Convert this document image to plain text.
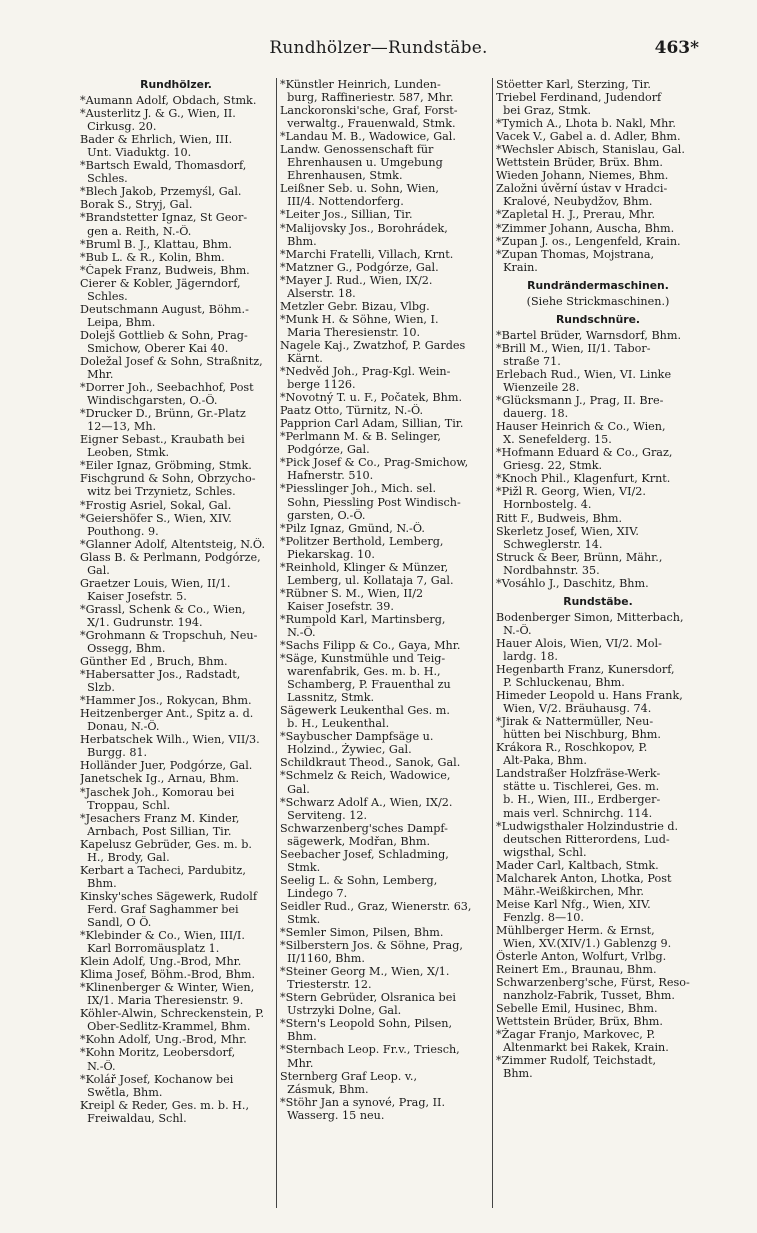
Rundhölzer—Rundstäbe.	463*
Rundhölzer.
*Aumann Adolf, Obdach, Stmk.
*Austerlitz J. & G., Wien, II.
Cirkusg. 20.
Bader & Ehrlich, Wien, III.
Unt. Viaduktg. 10.
*Bartsch Ewald, Thomasdorf,
Schles.
*Blech Jakob, Przemyśl, Gal.
Borak S., Stryj, Gal.
*Brandstetter Ignaz, St Geor-
gen a. Reith, N.-Ö.
*Bruml B. J., Klattau, Bhm.
*Bub L. & R., Kolin, Bhm.
*Čapek Franz, Budweis, Bhm.
Cierer & Kobler, Jägerndorf,
Schles.
Deutschmann August, Böhm.-
Leipa, Bhm.
Dolejš Gottlieb & Sohn, Prag-
Smichow, Oberer Kai 40.
Doležal Josef & Sohn, Straßnitz,
Mhr.
*Dorrer Joh., Seebachhof, Post
Windischgarsten, O.-Ö.
*Drucker D., Brünn, Gr.-Platz
12—13, Mh.
Eigner Sebast., Kraubath bei
Leoben, Stmk.
*Eiler Ignaz, Gröbming, Stmk.
Fischgrund & Sohn, Obrzycho-
witz bei Trzynietz, Schles.
*Frostig Asriel, Sokal, Gal.
*Geiershöfer S., Wien, XIV.
Pouthong. 9.
*Glanner Adolf, Altentsteig, N.Ö.
Glass B. & Perlmann, Podgórze,
Gal.
Graetzer Louis, Wien, II/1.
Kaiser Josefstr. 5.
*Grassl, Schenk & Co., Wien,
X/1. Gudrunstr. 194.
*Grohmann & Tropschuh, Neu-
Ossegg, Bhm.
Günther Ed , Bruch, Bhm.
*Habersatter Jos., Radstadt,
Slzb.
*Hammer Jos., Rokycan, Bhm.
Heitzenberger Ant., Spitz a. d.
Donau, N.-Ö.
Herbatschek Wilh., Wien, VII/3.
Burgg. 81.
Holländer Juer, Podgórze, Gal.
Janetschek Ig., Arnau, Bhm.
*Jaschek Joh., Komorau bei
Troppau, Schl.
*Jesachers Franz M. Kinder,
Arnbach, Post Sillian, Tir.
Kapelusz Gebrüder, Ges. m. b.
H., Brody, Gal.
Kerbart a Tacheci, Pardubitz,
Bhm.
Kinsky'sches Sägewerk, Rudolf
Ferd. Graf Saghammer bei
Sandl, O Ö.
*Klebinder & Co., Wien, III/I.
Karl Borromäusplatz 1.
Klein Adolf, Ung.-Brod, Mhr.
Klima Josef, Böhm.-Brod, Bhm.
*Klinenberger & Winter, Wien,
IX/1. Maria Theresienstr. 9.
Köhler-Alwin, Schreckenstein, P.
Ober-Sedlitz-Krammel, Bhm.
*Kohn Adolf, Ung.-Brod, Mhr.
*Kohn Moritz, Leobersdorf,
N.-Ö.
*Kolář Josef, Kochanow bei
Swětla, Bhm.
Kreipl & Reder, Ges. m. b. H.,
Freiwaldau, Schl.
*Künstler Heinrich, Lunden-
burg, Raffineriestr. 587, Mhr.
Lanckoronski'sche, Graf, Forst-
verwaltg., Frauenwald, Stmk.
*Landau M. B., Wadowice, Gal.
Landw. Genossenschaft für
Ehrenhausen u. Umgebung
Ehrenhausen, Stmk.
Leißner Seb. u. Sohn, Wien,
III/4. Nottendorferg.
*Leiter Jos., Sillian, Tir.
*Malijovsky Jos., Borohrádek,
Bhm.
*Marchi Fratelli, Villach, Krnt.
*Matzner G., Podgórze, Gal.
*Mayer J. Rud., Wien, IX/2.
Alserstr. 18.
Metzler Gebr. Bizau, Vlbg.
*Munk H. & Söhne, Wien, I.
Maria Theresienstr. 10.
Nagele Kaj., Zwatzhof, P. Gardes
Kärnt.
*Nedvěd Joh., Prag-Kgl. Wein-
berge 1126.
*Novotný T. u. F., Počatek, Bhm.
Paatz Otto, Türnitz, N.-Ö.
Papprion Carl Adam, Sillian, Tir.
*Perlmann M. & B. Selinger,
Podgórze, Gal.
*Pick Josef & Co., Prag-Smichow,
Hafnerstr. 510.
*Piesslinger Joh., Mich. sel.
Sohn, Piessling Post Windisch-
garsten, O.-Ö.
*Pilz Ignaz, Gmünd, N.-Ö.
*Politzer Berthold, Lemberg,
Piekarskag. 10.
*Reinhold, Klinger & Münzer,
Lemberg, ul. Kollataja 7, Gal.
*Rübner S. M., Wien, II/2
Kaiser Josefstr. 39.
*Rumpold Karl, Martinsberg,
N.-Ö.
*Sachs Filipp & Co., Gaya, Mhr.
*Säge, Kunstmühle und Teig-
warenfabrik, Ges. m. b. H.,
Schamberg, P. Frauenthal zu
Lassnitz, Stmk.
Sägewerk Leukenthal Ges. m.
b. H., Leukenthal.
*Saybuscher Dampfsäge u.
Holzind., Żywiec, Gal.
Schildkraut Theod., Sanok, Gal.
*Schmelz & Reich, Wadowice,
Gal.
*Schwarz Adolf A., Wien, IX/2.
Serviteng. 12.
Schwarzenberg'sches Dampf-
sägewerk, Modřan, Bhm.
Seebacher Josef, Schladming,
Stmk.
Seelig L. & Sohn, Lemberg,
Lindego 7.
Seidler Rud., Graz, Wienerstr. 63,
Stmk.
*Semler Simon, Pilsen, Bhm.
*Silberstern Jos. & Söhne, Prag,
II/1160, Bhm.
*Steiner Georg M., Wien, X/1.
Triesterstr. 12.
*Stern Gebrüder, Olsranica bei
Ustrzyki Dolne, Gal.
*Stern's Leopold Sohn, Pilsen,
Bhm.
*Sternbach Leop. Fr.v., Triesch,
Mhr.
Sternberg Graf Leop. v.,
Zásmuk, Bhm.
*Stöhr Jan a synové, Prag, II.
Wasserg. 15 neu.
Stöetter Karl, Sterzing, Tir.
Triebel Ferdinand, Judendorf
bei Graz, Stmk.
*Tymich A., Lhota b. Nakl, Mhr.
Vacek V., Gabel a. d. Adler, Bhm.
*Wechsler Abisch, Stanislau, Gal.
Wettstein Brüder, Brüx. Bhm.
Wieden Johann, Niemes, Bhm.
Založni úvěrní ústav v Hradci-
Kralové, Neubydžov, Bhm.
*Zapletal H. J., Prerau, Mhr.
*Zimmer Johann, Auscha, Bhm.
*Zupan J. os., Lengenfeld, Krain.
*Zupan Thomas, Mojstrana,
Krain.
Rundrändermaschinen.
(Siehe Strickmaschinen.)
Rundschnüre.
*Bartel Brüder, Warnsdorf, Bhm.
*Brill M., Wien, II/1. Tabor-
straße 71.
Erlebach Rud., Wien, VI. Linke
Wienzeile 28.
*Glücksmann J., Prag, II. Bre-
dauerg. 18.
Hauser Heinrich & Co., Wien,
X. Senefelderg. 15.
*Hofmann Eduard & Co., Graz,
Griesg. 22, Stmk.
*Knoch Phil., Klagenfurt, Krnt.
*Pižl R. Georg, Wien, VI/2.
Hornbostelg. 4.
Ritt F., Budweis, Bhm.
Skerletz Josef, Wien, XIV.
Schweglerstr. 14.
Struck & Beer, Brünn, Mähr.,
Nordbahnstr. 35.
*Vosáhlo J., Daschitz, Bhm.
Rundstäbe.
Bodenberger Simon, Mitterbach,
N.-Ö.
Hauer Alois, Wien, VI/2. Mol-
lardg. 18.
Hegenbarth Franz, Kunersdorf,
P. Schluckenau, Bhm.
Himeder Leopold u. Hans Frank,
Wien, V/2. Bräuhausg. 74.
*Jirak & Nattermüller, Neu-
hütten bei Nischburg, Bhm.
Krákora R., Roschkopov, P.
Alt-Paka, Bhm.
Landstraßer Holzfräse-Werk-
stätte u. Tischlerei, Ges. m.
b. H., Wien, III., Erdberger-
mais verl. Schnirchg. 114.
*Ludwigsthaler Holzindustrie d.
deutschen Ritterordens, Lud-
wigsthal, Schl.
Mader Carl, Kaltbach, Stmk.
Malcharek Anton, Lhotka, Post
Mähr.-Weißkirchen, Mhr.
Meise Karl Nfg., Wien, XIV.
Fenzlg. 8—10.
Mühlberger Herm. & Ernst,
Wien, XV.(XIV/1.) Gablenzg 9.
Österle Anton, Wolfurt, Vrlbg.
Reinert Em., Braunau, Bhm.
Schwarzenberg'sche, Fürst, Reso-
nanzholz-Fabrik, Tusset, Bhm.
Sebelle Emil, Husinec, Bhm.
Wettstein Brüder, Brüx, Bhm.
*Žagar Franjo, Markovec, P.
Altenmarkt bei Rakek, Krain.
*Zimmer Rudolf, Teichstadt,
Bhm.
